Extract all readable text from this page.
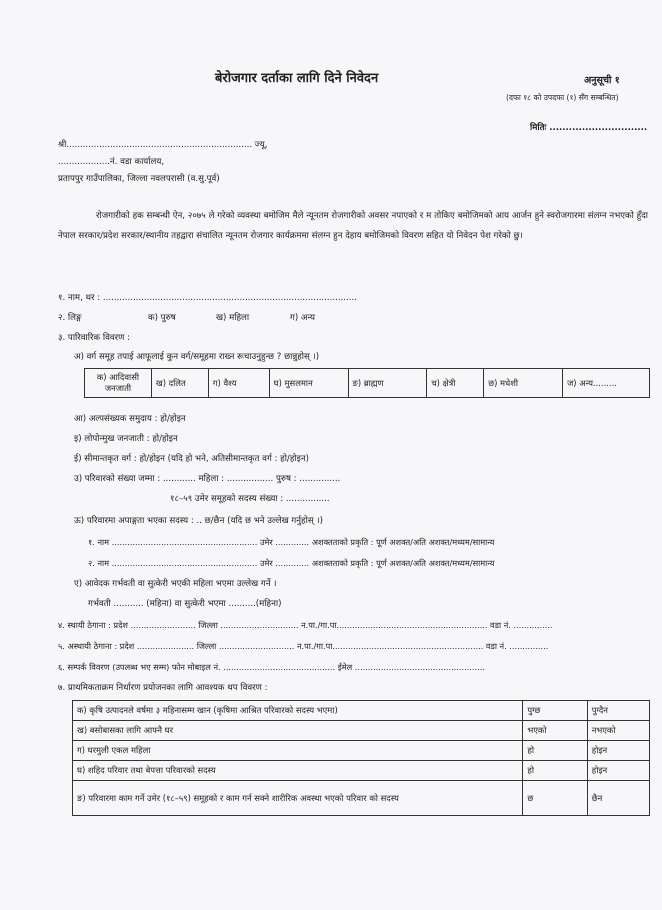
बेरोजगार दर्ताका लागि दिने निवेदन	अनुसूची १
(दफा १८ को उपदफा (१) सँग सम्बन्धित)
मितिः ..............................
श्री.................................................................... ज्यू,
...................नं. वडा कार्यालय,
प्रतापपुर गाउँपालिका, जिल्ला नवलपरासी (व.सु.पूर्व)
रोजगारीको हक सम्बन्धी ऐन, २०७५ ले गरेको व्यवस्था बमोजिम मैले न्यूनतम रोजगारीको अवसर नपाएको र म तोकिए बमोजिमको आय आर्जन हुने स्वरोजगारमा संलग्न नभएको हुँदा नेपाल सरकार/प्रदेश सरकार/स्थानीय तहद्वारा संचालित न्यूनतम रोजगार कार्यक्रममा संलग्न हुन देहाय बमोजिमको विवरण सहित यो निवेदन पेश गरेको छु।
१. नाम, थर : .............................................................................................
२. लिङ्ग	क) पुरुष	ख) महिला	ग) अन्य
३. पारिवारिक विवरण :
अ) वर्ग समूह तपाई आफूलाई कुन वर्ग/समूहमा राख्न रूचाउनुहुन्छ ? छान्नुहोस् ।)
क) आदिवासी जनजाती	ख) दलित	ग) वैश्य	घ) मुसलमान	ङ) ब्राह्मण	च) क्षेत्री	छ) मधेशी	ज) अन्य.........
आ) अल्पसंख्यक समुदाय : हो/होइन
इ) लोपोन्मुख जनजाती : हो/होइन
ई) सीमान्तकृत वर्ग : हो/होइन (यदि हो भने, अतिसीमान्तकृत वर्ग : हो/होइन)
उ) परिवारको संख्या जम्मा : ............ महिला : ................. पुरुष : ...............
१८–५९ उमेर समूहको सदस्य संख्या : ................
ऊ) परिवारमा अपाङ्गता भएका सदस्य : .. छ/छैन (यदि छ भने उल्लेख गर्नुहोस् ।)
१. नाम ........................................................ उमेर ............. अशक्तताको प्रकृति : पूर्ण अशक्त/अति अशक्त/मध्यम/सामान्य
२. नाम ........................................................ उमेर ............. अशक्तताको प्रकृति : पूर्ण अशक्त/अति अशक्त/मध्यम/सामान्य
ए) आवेदक गर्भवती वा सुत्केरी भएकी महिला भएमा उल्लेख गर्ने ।
गर्भवती ........... (महिना) वा सुत्केरी भएमा ..........(महिना)
४. स्थायी ठेगाना : प्रदेश ......................... जिल्ला .............................. न.पा./गा.पा.......................................................... वडा नं. ...............
५. अस्थायी ठेगाना : प्रदेश ...................... जिल्ला ............................. न.पा./गा.पा.......................................................... वडा नं. ...............
६. सम्पर्क विवरण (उपलब्ध भए सम्म) फोन मोबाइल नं. ........................................... ईमेल ..................................................
७. प्राथमिकताक्रम निर्धारण प्रयोजनका लागि आवश्यक थप विवरण :
क) कृषि उत्पादनले वर्षमा ३ महिनासम्म खान (कृषिमा आश्रित परिवारको सदस्य भएमा)	पुग्छ	पुग्दैन
ख) बसोबासका लागि आफ्नै घर	भएको	नभएको
ग) घरमुली एकल महिला	हो	होइन
घ) शहिद परिवार तथा बेपत्ता परिवारको सदस्य	हो	होइन
ङ) परिवारमा काम गर्ने उमेर (१८–५९) समूहको र काम गर्न सक्ने शारीरिक अवस्था भएको परिवार को सदस्य	छ	छैन
